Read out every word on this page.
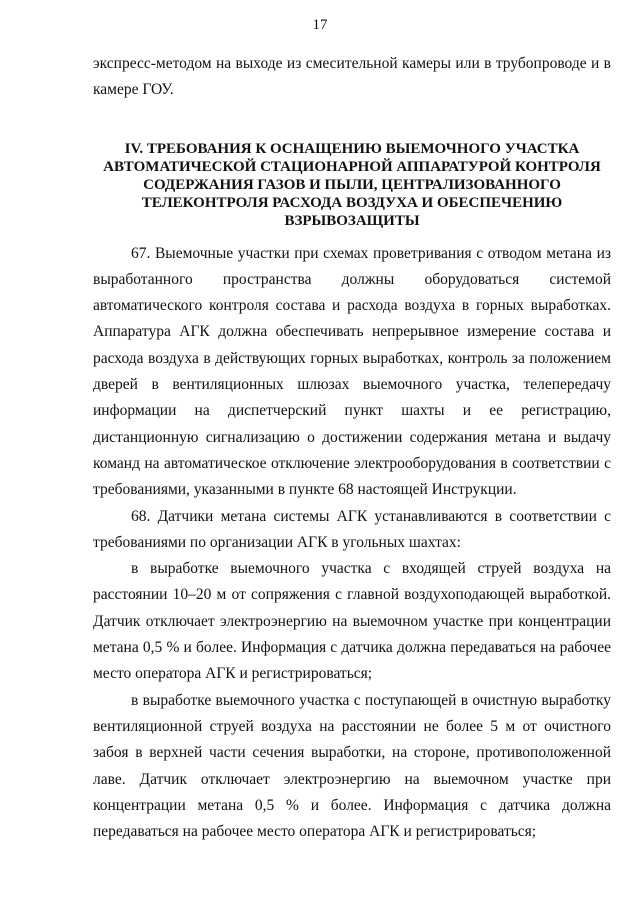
17

экспресс-методом на выходе из смесительной камеры или в трубопроводе и в камере ГОУ.

IV. ТРЕБОВАНИЯ К ОСНАЩЕНИЮ ВЫЕМОЧНОГО УЧАСТКА АВТОМАТИЧЕСКОЙ СТАЦИОНАРНОЙ АППАРАТУРОЙ КОНТРОЛЯ СОДЕРЖАНИЯ ГАЗОВ И ПЫЛИ, ЦЕНТРАЛИЗОВАННОГО ТЕЛЕКОНТРОЛЯ РАСХОДА ВОЗДУХА И ОБЕСПЕЧЕНИЮ ВЗРЫВОЗАЩИТЫ

67. Выемочные участки при схемах проветривания с отводом метана из выработанного пространства должны оборудоваться системой автоматического контроля состава и расхода воздуха в горных выработках. Аппаратура АГК должна обеспечивать непрерывное измерение состава и расхода воздуха в действующих горных выработках, контроль за положением дверей в вентиляционных шлюзах выемочного участка, телепередачу информации на диспетчерский пункт шахты и ее регистрацию, дистанционную сигнализацию о достижении содержания метана и выдачу команд на автоматическое отключение электрооборудования в соответствии с требованиями, указанными в пункте 68 настоящей Инструкции.

68. Датчики метана системы АГК устанавливаются в соответствии с требованиями по организации АГК в угольных шахтах:

в выработке выемочного участка с входящей струей воздуха на расстоянии 10–20 м от сопряжения с главной воздухоподающей выработкой. Датчик отключает электроэнергию на выемочном участке при концентрации метана 0,5 % и более. Информация с датчика должна передаваться на рабочее место оператора АГК и регистрироваться;

в выработке выемочного участка с поступающей в очистную выработку вентиляционной струей воздуха на расстоянии не более 5 м от очистного забоя в верхней части сечения выработки, на стороне, противоположенной лаве. Датчик отключает электроэнергию на выемочном участке при концентрации метана 0,5 % и более. Информация с датчика должна передаваться на рабочее место оператора АГК и регистрироваться;
